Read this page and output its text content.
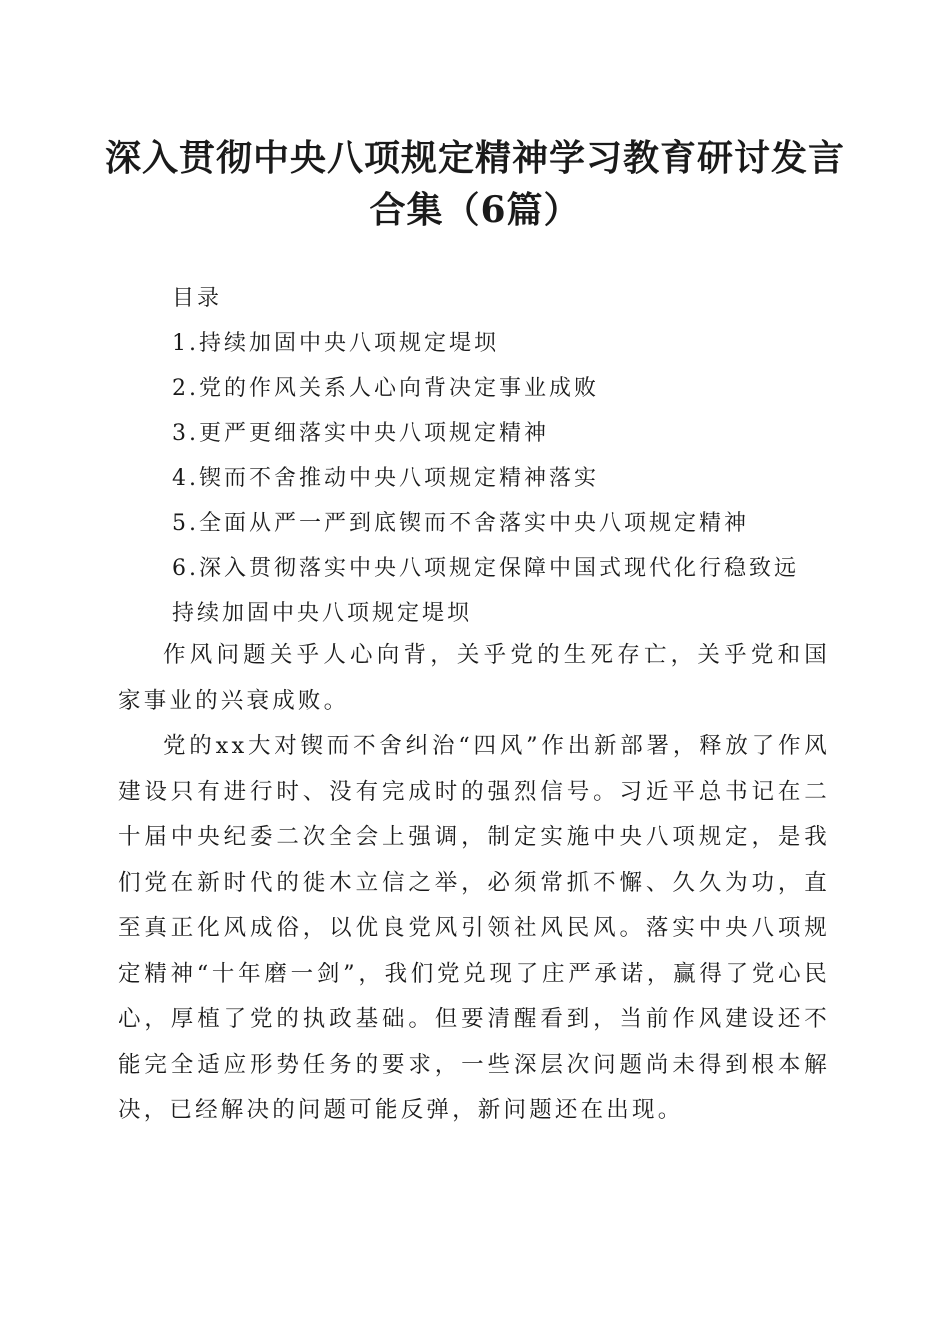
深入贯彻中央八项规定精神学习教育研讨发言
合集（6篇）
目录
1.持续加固中央八项规定堤坝
2.党的作风关系人心向背决定事业成败
3.更严更细落实中央八项规定精神
4.锲而不舍推动中央八项规定精神落实
5.全面从严一严到底锲而不舍落实中央八项规定精神
6.深入贯彻落实中央八项规定保障中国式现代化行稳致远
持续加固中央八项规定堤坝

作风问题关乎人心向背，关乎党的生死存亡，关乎党和国家事业的兴衰成败。

党的xx大对锲而不舍纠治“四风”作出新部署，释放了作风建设只有进行时、没有完成时的强烈信号。习近平总书记在二十届中央纪委二次全会上强调，制定实施中央八项规定，是我们党在新时代的徙木立信之举，必须常抓不懈、久久为功，直至真正化风成俗，以优良党风引领社风民风。落实中央八项规定精神“十年磨一剑”，我们党兑现了庄严承诺，赢得了党心民心，厚植了党的执政基础。但要清醒看到，当前作风建设还不能完全适应形势任务的要求，一些深层次问题尚未得到根本解决，已经解决的问题可能反弹，新问题还在出现。
